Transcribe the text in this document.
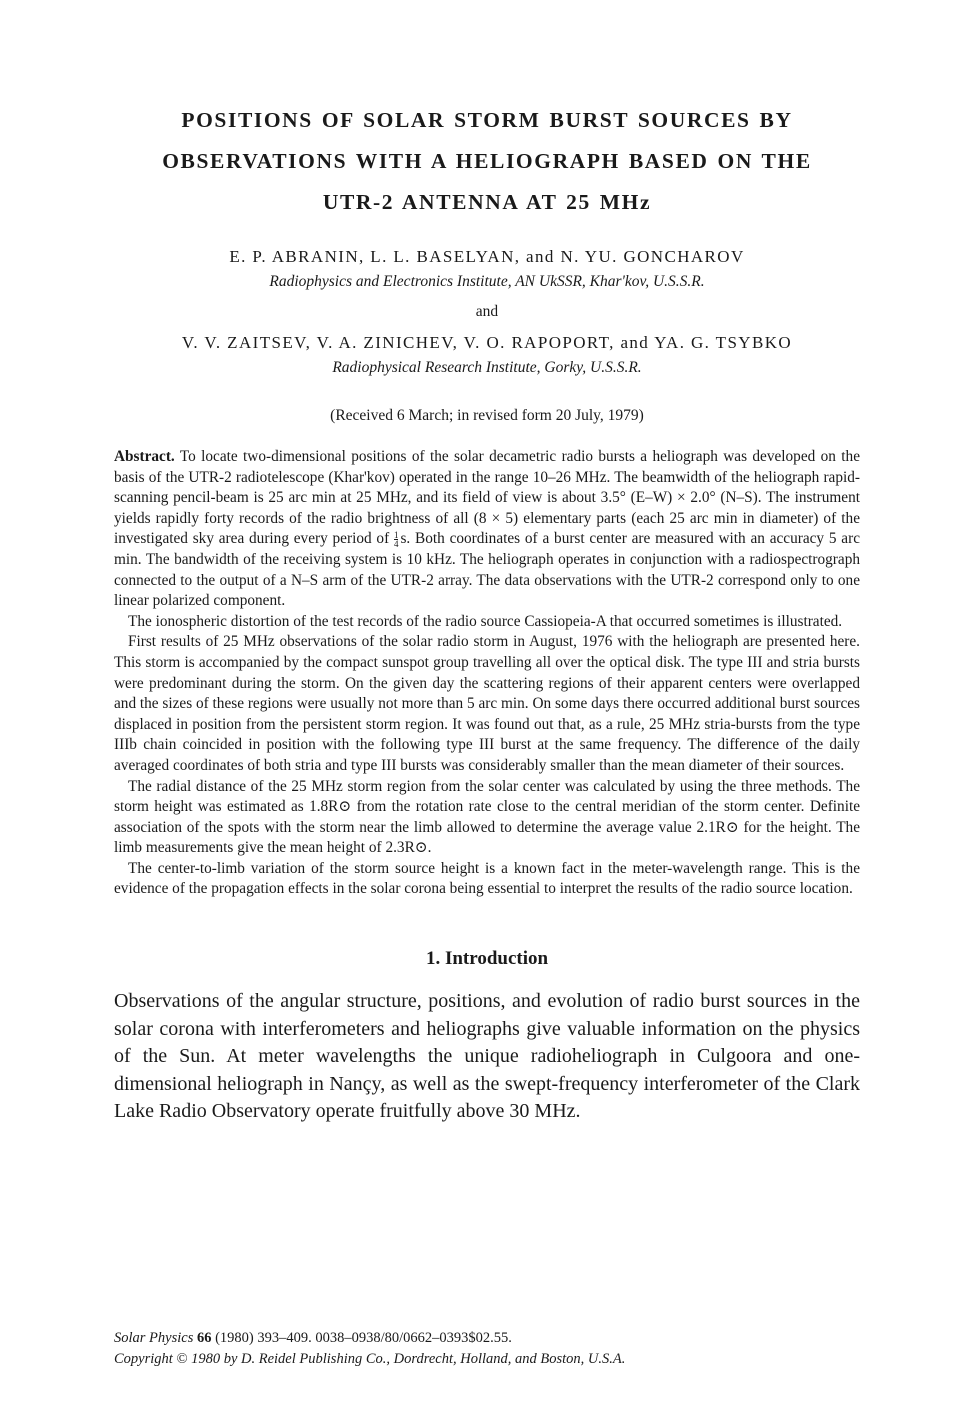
POSITIONS OF SOLAR STORM BURST SOURCES BY

OBSERVATIONS WITH A HELIOGRAPH BASED ON THE

UTR-2 ANTENNA AT 25 MHz

E. P. ABRANIN, L. L. BASELYAN, and N. YU. GONCHAROV

Radiophysics and Electronics Institute, AN UkSSR, Khar'kov, U.S.S.R.

and

V. V. ZAITSEV, V. A. ZINICHEV, V. O. RAPOPORT, and YA. G. TSYBKO

Radiophysical Research Institute, Gorky, U.S.S.R.

(Received 6 March; in revised form 20 July, 1979)

Abstract. To locate two-dimensional positions of the solar decametric radio bursts a heliograph was developed on the basis of the UTR-2 radiotelescope (Khar'kov) operated in the range 10–26 MHz. The beamwidth of the heliograph rapid-scanning pencil-beam is 25 arc min at 25 MHz, and its field of view is about 3.5° (E–W) × 2.0° (N–S). The instrument yields rapidly forty records of the radio brightness of all (8 × 5) elementary parts (each 25 arc min in diameter) of the investigated sky area during every period of $\frac{1}{4} s$. Both coordinates of a burst center are measured with an accuracy 5 arc min. The bandwidth of the receiving system is 10 kHz. The heliograph operates in conjunction with a radiospectrograph connected to the output of a N–S arm of the UTR-2 array. The data observations with the UTR-2 correspond only to one linear polarized component.

The ionospheric distortion of the test records of the radio source Cassiopeia-A that occurred sometimes is illustrated.

First results of 25 MHz observations of the solar radio storm in August, 1976 with the heliograph are presented here. This storm is accompanied by the compact sunspot group travelling all over the optical disk. The type III and stria bursts were predominant during the storm. On the given day the scattering regions of their apparent centers were overlapped and the sizes of these regions were usually not more than 5 arc min. On some days there occurred additional burst sources displaced in position from the persistent storm region. It was found out that, as a rule, 25 MHz stria-bursts from the type IIIb chain coincided in position with the following type III burst at the same frequency. The difference of the daily averaged coordinates of both stria and type III bursts was considerably smaller than the mean diameter of their sources.

The radial distance of the 25 MHz storm region from the solar center was calculated by using the three methods. The storm height was estimated as 1.8R⊙ from the rotation rate close to the central meridian of the storm center. Definite association of the spots with the storm near the limb allowed to determine the average value 2.1R⊙ for the height. The limb measurements give the mean height of 2.3R⊙.

The center-to-limb variation of the storm source height is a known fact in the meter-wavelength range. This is the evidence of the propagation effects in the solar corona being essential to interpret the results of the radio source location.

1. Introduction

Observations of the angular structure, positions, and evolution of radio burst sources in the solar corona with interferometers and heliographs give valuable information on the physics of the Sun. At meter wavelengths the unique radioheliograph in Culgoora and one-dimensional heliograph in Nançy, as well as the swept-frequency interferometer of the Clark Lake Radio Observatory operate fruitfully above 30 MHz.

Solar Physics 66 (1980) 393–409. 0038–0938/80/0662–0393$02.55.
Copyright © 1980 by D. Reidel Publishing Co., Dordrecht, Holland, and Boston, U.S.A.
